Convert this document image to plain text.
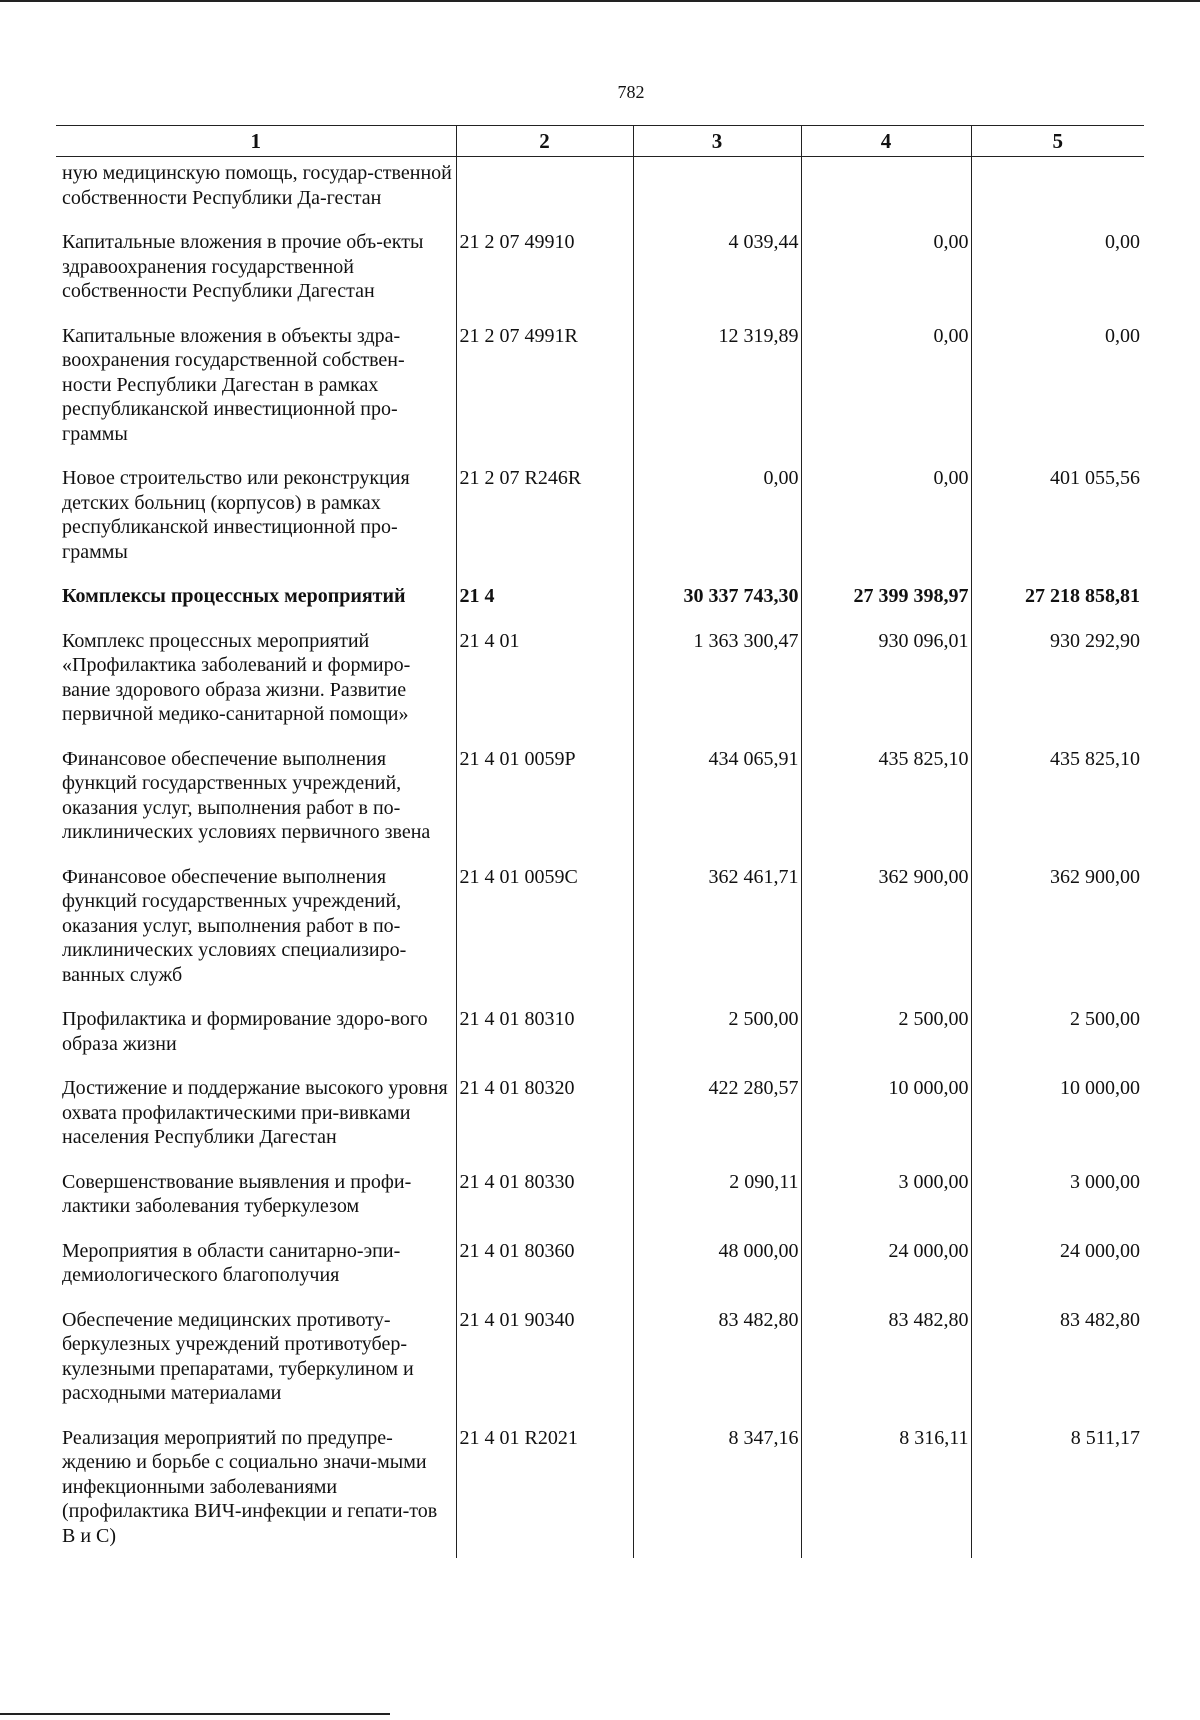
782
1	2	3	4	5
ную медицинскую помощь, государ-ственной собственности Республики Да-гестан				
Капитальные вложения в прочие объ-екты здравоохранения государственной собственности Республики Дагестан	21 2 07 49910	4 039,44	0,00	0,00
Капитальные вложения в объекты здра-воохранения государственной собствен-ности Республики Дагестан в рамках республиканской инвестиционной про-граммы	21 2 07 4991R	12 319,89	0,00	0,00
Новое строительство или реконструкция детских больниц (корпусов) в рамках республиканской инвестиционной про-граммы	21 2 07 R246R	0,00	0,00	401 055,56
Комплексы процессных мероприятий	21 4	30 337 743,30	27 399 398,97	27 218 858,81
Комплекс процессных мероприятий «Профилактика заболеваний и формиро-вание здорового образа жизни. Развитие первичной медико-санитарной помощи»	21 4 01	1 363 300,47	930 096,01	930 292,90
Финансовое обеспечение выполнения функций государственных учреждений, оказания услуг, выполнения работ в по-ликлинических условиях первичного звена	21 4 01 0059P	434 065,91	435 825,10	435 825,10
Финансовое обеспечение выполнения функций государственных учреждений, оказания услуг, выполнения работ в по-ликлинических условиях специализиро-ванных служб	21 4 01 0059C	362 461,71	362 900,00	362 900,00
Профилактика и формирование здоро-вого образа жизни	21 4 01 80310	2 500,00	2 500,00	2 500,00
Достижение и поддержание высокого уровня охвата профилактическими при-вивками населения Республики Дагестан	21 4 01 80320	422 280,57	10 000,00	10 000,00
Совершенствование выявления и профи-лактики заболевания туберкулезом	21 4 01 80330	2 090,11	3 000,00	3 000,00
Мероприятия в области санитарно-эпи-демиологического благополучия	21 4 01 80360	48 000,00	24 000,00	24 000,00
Обеспечение медицинских противоту-беркулезных учреждений противотубер-кулезными препаратами, туберкулином и расходными материалами	21 4 01 90340	83 482,80	83 482,80	83 482,80
Реализация мероприятий по предупре-ждению и борьбе с социально значи-мыми инфекционными заболеваниями (профилактика ВИЧ-инфекции и гепати-тов В и С)	21 4 01 R2021	8 347,16	8 316,11	8 511,17
